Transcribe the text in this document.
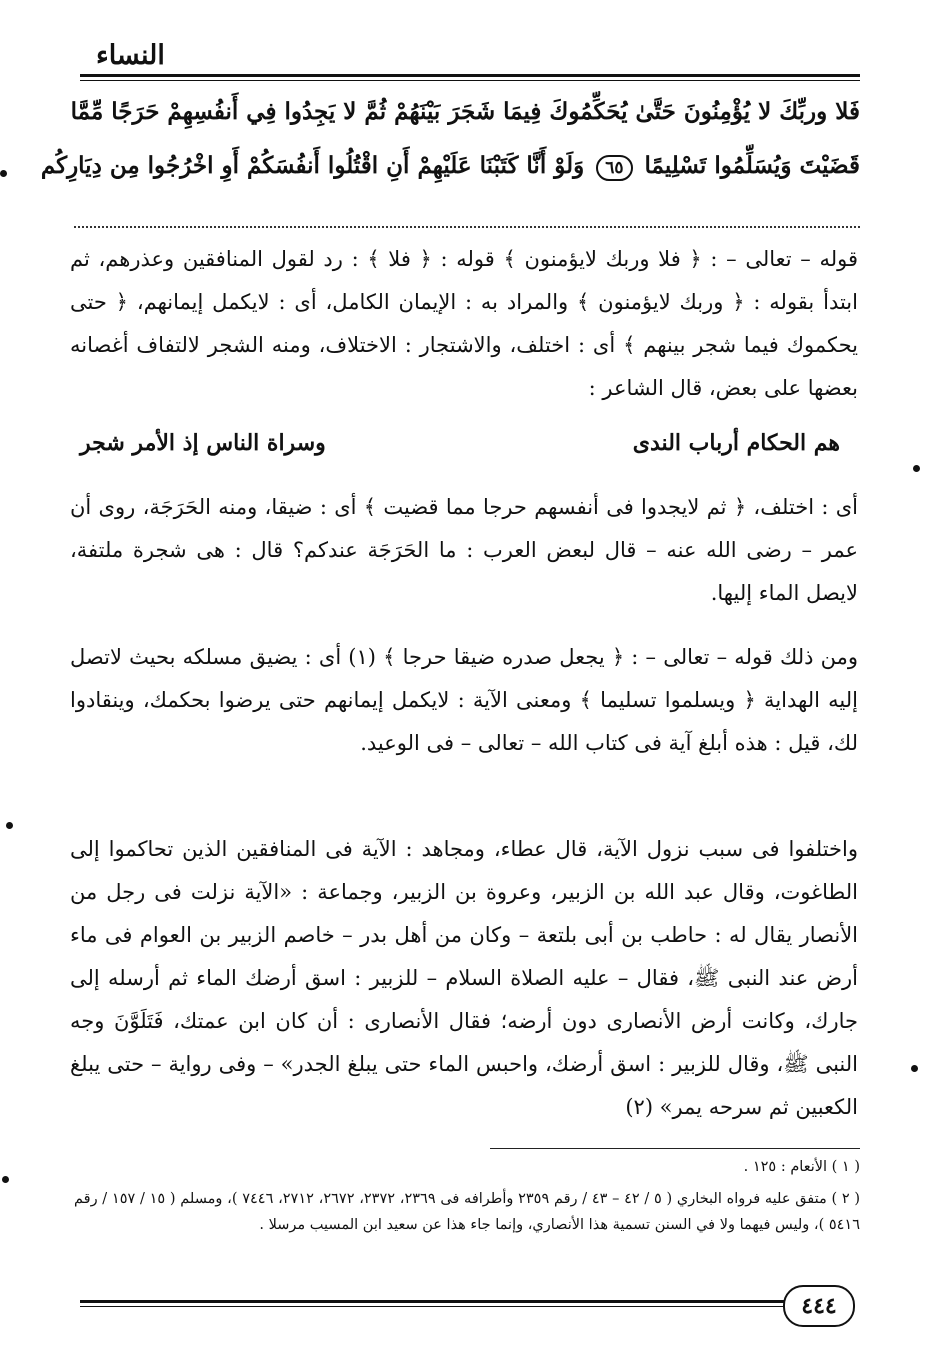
النساء
فَلا وربِّكَ لا يُؤْمِنُونَ حَتَّىٰ يُحَكِّمُوكَ فِيمَا شَجَرَ بَيْنَهُمْ ثُمَّ لا يَجِدُوا فِي أَنفُسِهِمْ حَرَجًا مِّمَّا
قَضَيْتَ وَيُسَلِّمُوا تَسْلِيمًا ٦٥ وَلَوْ أَنَّا كَتَبْنَا عَلَيْهِمْ أَنِ اقْتُلُوا أَنفُسَكُمْ أَوِ اخْرُجُوا مِن دِيَارِكُم
قوله – تعالى – : ﴿ فلا وربك لايؤمنون ﴾ قوله : ﴿ فلا ﴾ : رد لقول المنافقين وعذرهم، ثم ابتدأ بقوله : ﴿ وربك لايؤمنون ﴾ والمراد به : الإيمان الكامل، أى : لايكمل إيمانهم، ﴿ حتى يحكموك فيما شجر بينهم ﴾ أى : اختلف، والاشتجار : الاختلاف، ومنه الشجر لالتفاف أغصانه بعضها على بعض، قال الشاعر :
هم الحكام أرباب الندى
وسراة الناس إذ الأمر شجر
أى : اختلف، ﴿ ثم لايجدوا فى أنفسهم حرجا مما قضيت ﴾ أى : ضيقا، ومنه الحَرَجَة، روى أن عمر – رضى الله عنه – قال لبعض العرب : ما الحَرَجَة عندكم؟ قال : هى شجرة ملتفة، لايصل الماء إليها.
ومن ذلك قوله – تعالى – : ﴿ يجعل صدره ضيقا حرجا ﴾ (١) أى : يضيق مسلكه بحيث لاتصل إليه الهداية ﴿ ويسلموا تسليما ﴾ ومعنى الآية : لايكمل إيمانهم حتى يرضوا بحكمك، وينقادوا لك، قيل : هذه أبلغ آية فى كتاب الله – تعالى – فى الوعيد.
واختلفوا فى سبب نزول الآية، قال عطاء، ومجاهد : الآية فى المنافقين الذين تحاكموا إلى الطاغوت، وقال عبد الله بن الزبير، وعروة بن الزبير، وجماعة : «الآية نزلت فى رجل من الأنصار يقال له : حاطب بن أبى بلتعة – وكان من أهل بدر – خاصم الزبير بن العوام فى ماء أرض عند النبى ﷺ، فقال – عليه الصلاة السلام – للزبير : اسق أرضك الماء ثم أرسله إلى جارك، وكانت أرض الأنصارى دون أرضه؛ فقال الأنصارى : أن كان ابن عمتك، فَتَلَوَّنَ وجه النبى ﷺ، وقال للزبير : اسق أرضك، واحبس الماء حتى يبلغ الجدر» – وفى رواية – حتى يبلغ الكعبين ثم سرحه يمر» (٢)
( ١ ) الأنعام : ١٢٥ .
( ٢ ) متفق عليه فرواه البخاري ( ٥ / ٤٢ – ٤٣ / رقم ٢٣٥٩ وأطرافه فى ٢٣٦٩، ٢٣٧٢، ٢٦٧٢، ٢٧١٢، ٧٤٤٦ )، ومسلم ( ١٥ / ١٥٧ / رقم ٥٤١٦ )، وليس فيهما ولا في السنن تسمية هذا الأنصاري، وإنما جاء هذا عن سعيد ابن المسيب مرسلا .
٤٤٤
